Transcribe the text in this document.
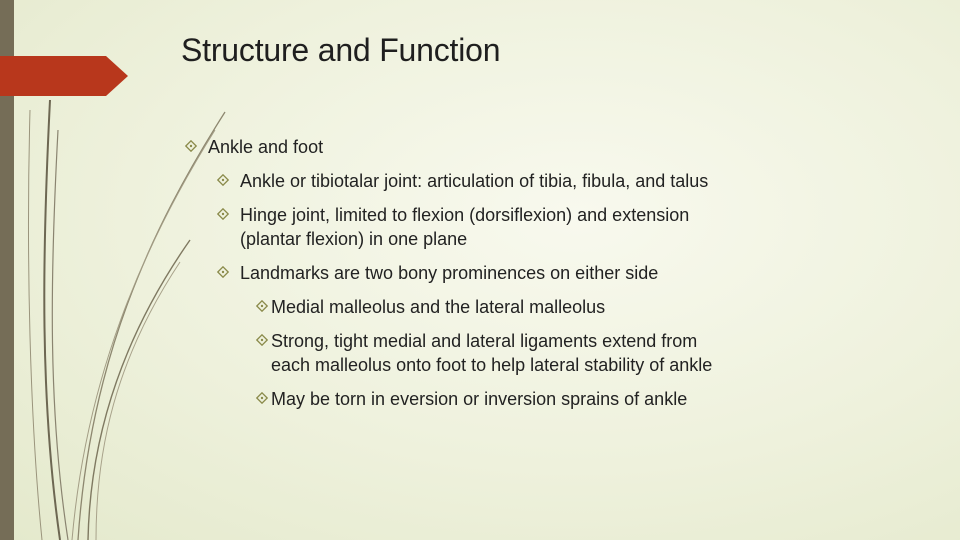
Structure and Function
Ankle and foot
Ankle or tibiotalar joint: articulation of tibia, fibula, and talus
Hinge joint, limited to flexion (dorsiflexion) and extension
(plantar flexion) in one plane
Landmarks are two bony prominences on either side
Medial malleolus and the lateral malleolus
Strong, tight medial and lateral ligaments extend from
each malleolus onto foot to help lateral stability of ankle
May be torn in eversion or inversion sprains of ankle
